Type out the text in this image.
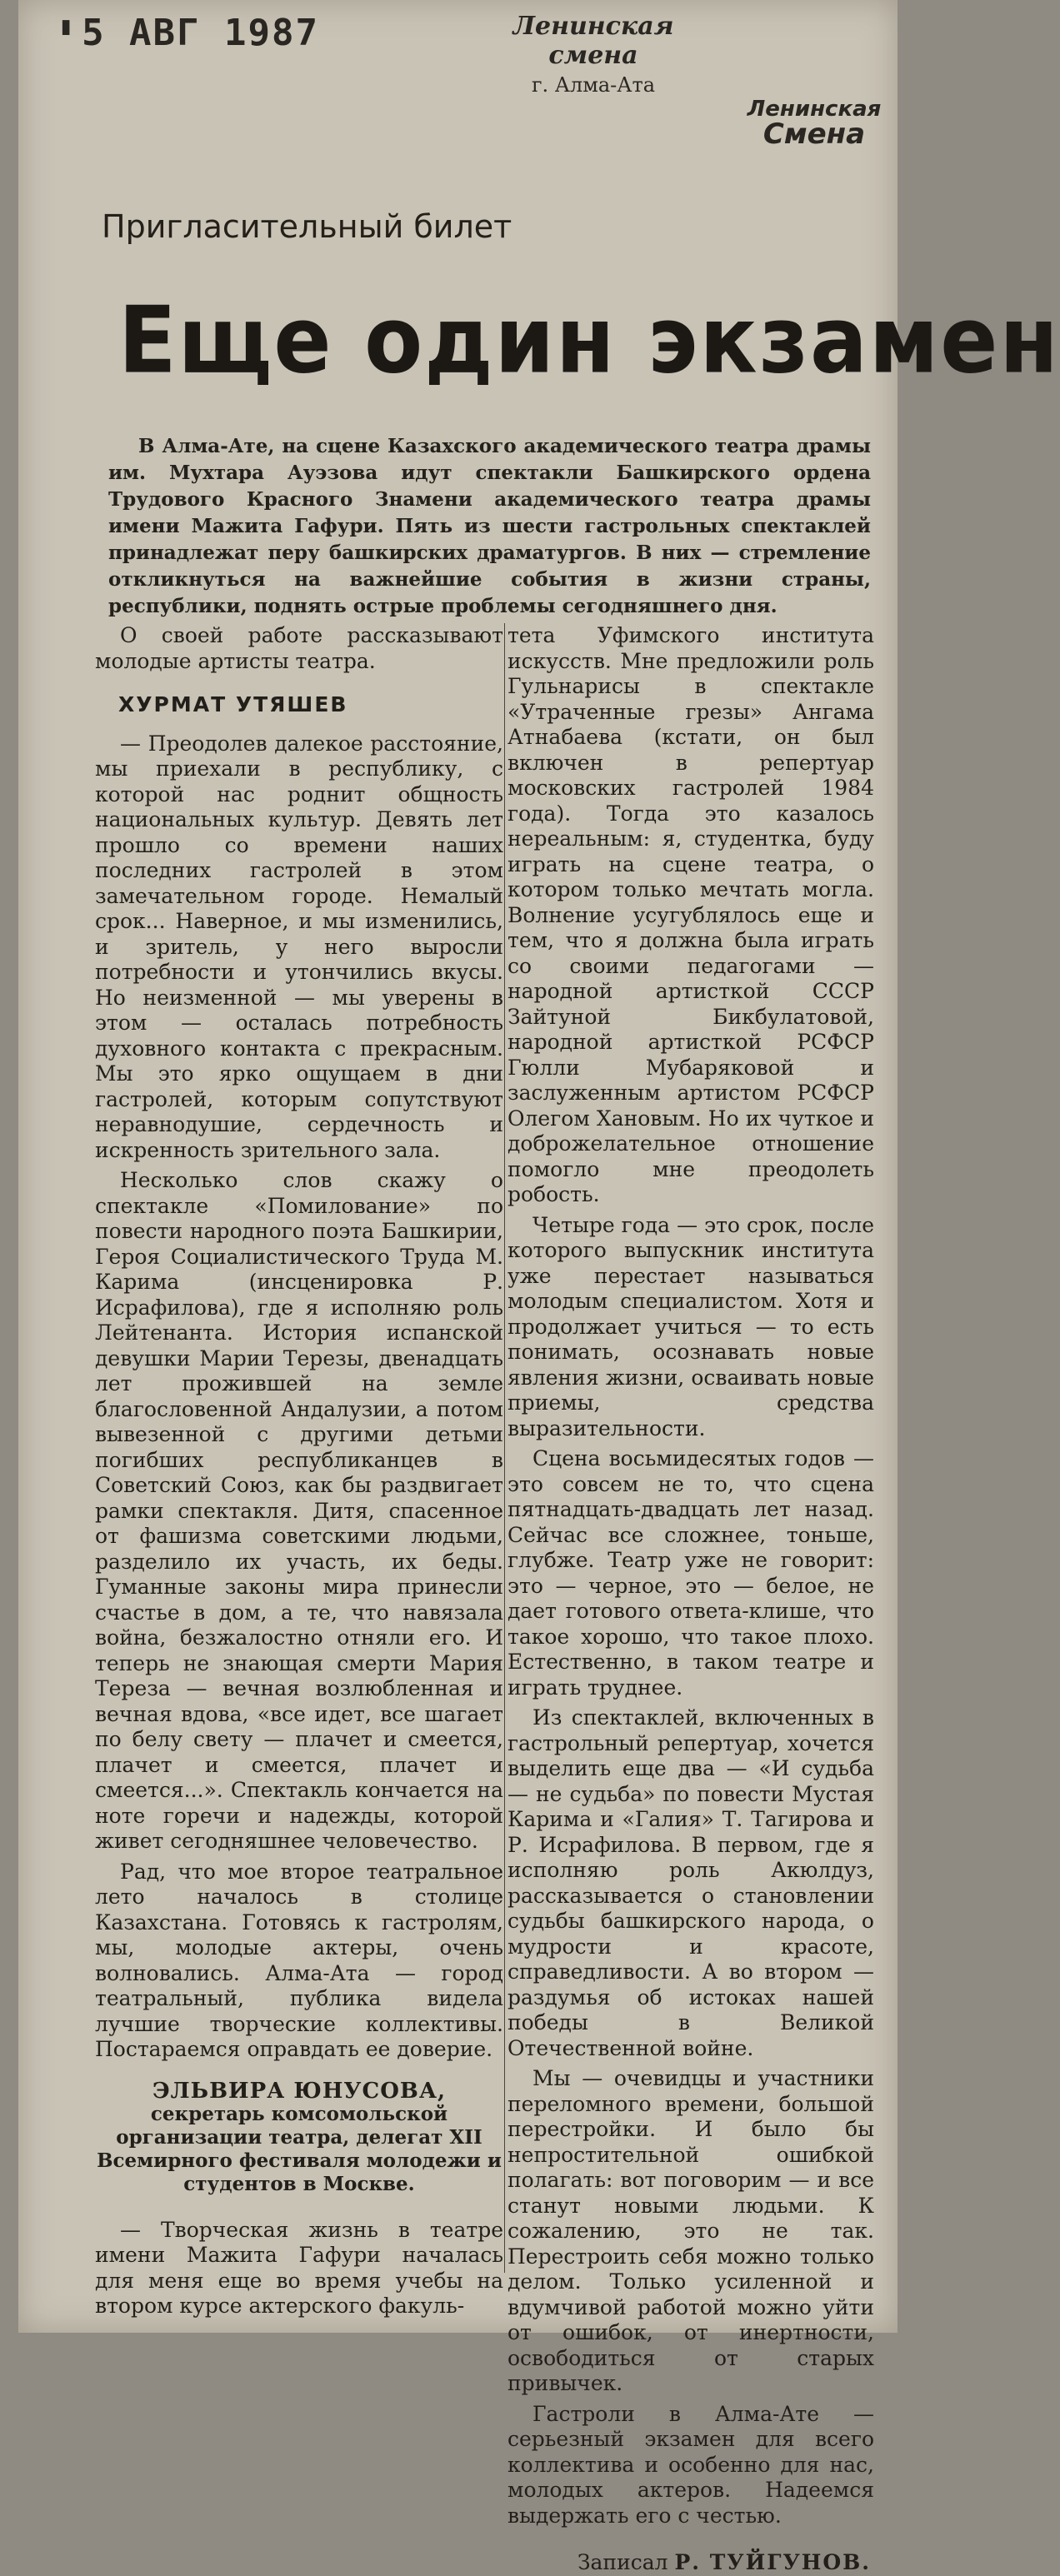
▮ 5 АВГ 1987	Ленинская смена
г. Алма-Ата
Ленинская
Смена
Пригласительный билет
Еще один экзамен

В Алма-Ате, на сцене Казахского академического театра драмы им. Мухтара Ауэзова идут спектакли Башкирского ордена Трудового Красного Знамени академического театра драмы имени Мажита Гафури. Пять из шести гастрольных спектаклей принадлежат перу башкирских драматургов. В них — стремление откликнуться на важнейшие события в жизни страны, республики, поднять острые проблемы сегодняшнего дня.

О своей работе рассказывают молодые артисты театра.

ХУРМАТ УТЯШЕВ

— Преодолев далекое расстояние, мы приехали в республику, с которой нас роднит общность национальных культур. Девять лет прошло со времени наших последних гастролей в этом замечательном городе. Немалый срок... Наверное, и мы изменились, и зритель, у него выросли потребности и утончились вкусы. Но неизменной — мы уверены в этом — осталась потребность духовного контакта с прекрасным. Мы это ярко ощущаем в дни гастролей, которым сопутствуют неравнодушие, сердечность и искренность зрительного зала.

Несколько слов скажу о спектакле «Помилование» по повести народного поэта Башкирии, Героя Социалистического Труда М. Карима (инсценировка Р. Исрафилова), где я исполняю роль Лейтенанта. История испанской девушки Марии Терезы, двенадцать лет прожившей на земле благословенной Андалузии, а потом вывезенной с другими детьми погибших республиканцев в Советский Союз, как бы раздвигает рамки спектакля. Дитя, спасенное от фашизма советскими людьми, разделило их участь, их беды. Гуманные законы мира принесли счастье в дом, а те, что навязала война, безжалостно отняли его. И теперь не знающая смерти Мария Тереза — вечная возлюбленная и вечная вдова, «все идет, все шагает по белу свету — плачет и смеется, плачет и смеется, плачет и смеется...». Спектакль кончается на ноте горечи и надежды, которой живет сегодняшнее человечество.

Рад, что мое второе театральное лето началось в столице Казахстана. Готовясь к гастролям, мы, молодые актеры, очень волновались. Алма-Ата — город театральный, публика видела лучшие творческие коллективы. Постараемся оправдать ее доверие.

ЭЛЬВИРА ЮНУСОВА,
секретарь комсомольской организации театра, делегат XII Всемирного фестиваля молодежи и студентов в Москве.

— Творческая жизнь в театре имени Мажита Гафури началась для меня еще во время учебы на втором курсе актерского факуль-

тета Уфимского института искусств. Мне предложили роль Гульнарисы в спектакле «Утраченные грезы» Ангама Атнабаева (кстати, он был включен в репертуар московских гастролей 1984 года). Тогда это казалось нереальным: я, студентка, буду играть на сцене театра, о котором только мечтать могла. Волнение усугублялось еще и тем, что я должна была играть со своими педагогами — народной артисткой СССР Зайтуной Бикбулатовой, народной артисткой РСФСР Гюлли Мубаряковой и заслуженным артистом РСФСР Олегом Хановым. Но их чуткое и доброжелательное отношение помогло мне преодолеть робость.

Четыре года — это срок, после которого выпускник института уже перестает называться молодым специалистом. Хотя и продолжает учиться — то есть понимать, осознавать новые явления жизни, осваивать новые приемы, средства выразительности.

Сцена восьмидесятых годов — это совсем не то, что сцена пятнадцать-двадцать лет назад. Сейчас все сложнее, тоньше, глубже. Театр уже не говорит: это — черное, это — белое, не дает готового ответа-клише, что такое хорошо, что такое плохо. Естественно, в таком театре и играть труднее.

Из спектаклей, включенных в гастрольный репертуар, хочется выделить еще два — «И судьба — не судьба» по повести Мустая Карима и «Галия» Т. Тагирова и Р. Исрафилова. В первом, где я исполняю роль Акюлдуз, рассказывается о становлении судьбы башкирского народа, о мудрости и красоте, справедливости. А во втором — раздумья об истоках нашей победы в Великой Отечественной войне.

Мы — очевидцы и участники переломного времени, большой перестройки. И было бы непростительной ошибкой полагать: вот поговорим — и все станут новыми людьми. К сожалению, это не так. Перестроить себя можно только делом. Только усиленной и вдумчивой работой можно уйти от ошибок, от инертности, освободиться от старых привычек.

Гастроли в Алма-Ате — серьезный экзамен для всего коллектива и особенно для нас, молодых актеров. Надеемся выдержать его с честью.

Записал Р. ТУЙГУНОВ.
